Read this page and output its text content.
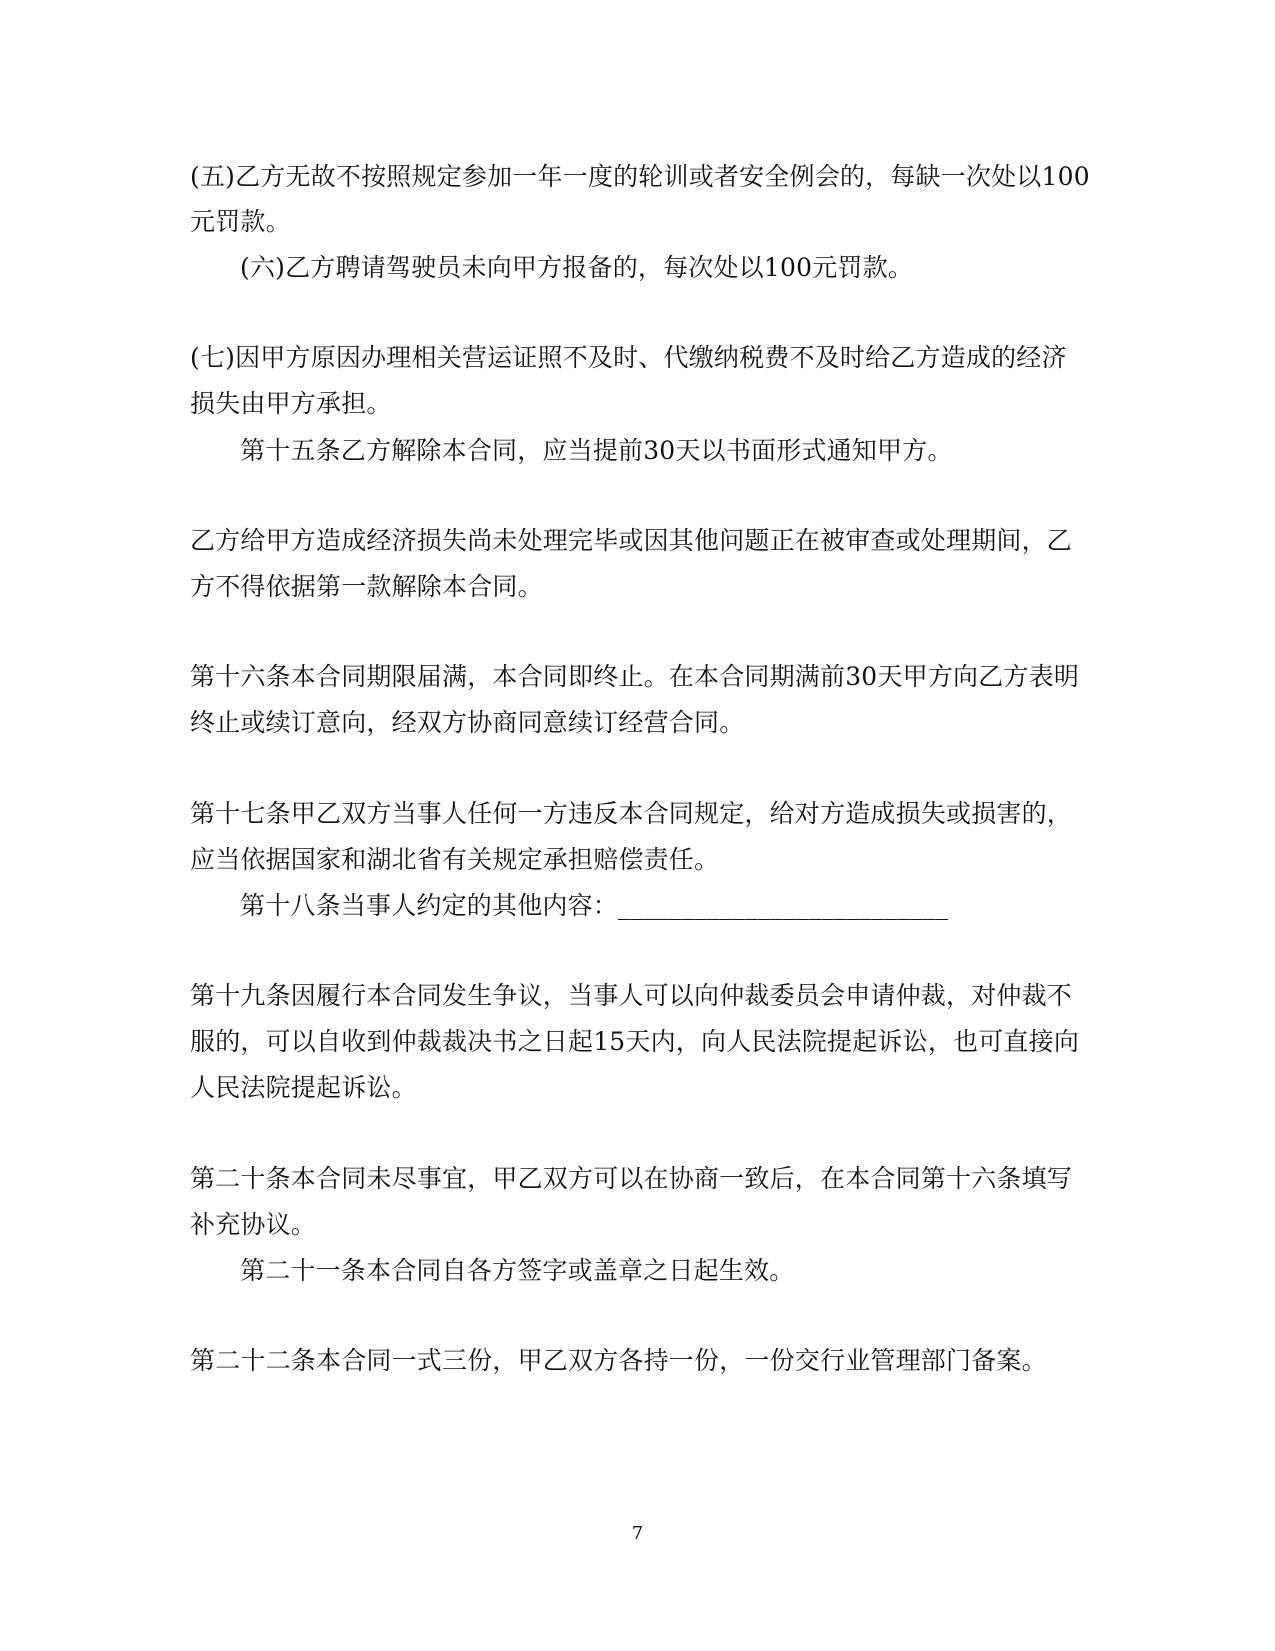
(五)乙方无故不按照规定参加一年一度的轮训或者安全例会的，每缺一次处以100
元罚款。
(六)乙方聘请驾驶员未向甲方报备的，每次处以100元罚款。
(七)因甲方原因办理相关营运证照不及时、代缴纳税费不及时给乙方造成的经济
损失由甲方承担。
第十五条乙方解除本合同，应当提前30天以书面形式通知甲方。
乙方给甲方造成经济损失尚未处理完毕或因其他问题正在被审查或处理期间，乙
方不得依据第一款解除本合同。
第十六条本合同期限届满，本合同即终止。在本合同期满前30天甲方向乙方表明
终止或续订意向，经双方协商同意续订经营合同。
第十七条甲乙双方当事人任何一方违反本合同规定，给对方造成损失或损害的，
应当依据国家和湖北省有关规定承担赔偿责任。
第十八条当事人约定的其他内容：__________________________
第十九条因履行本合同发生争议，当事人可以向仲裁委员会申请仲裁，对仲裁不
服的，可以自收到仲裁裁决书之日起15天内，向人民法院提起诉讼，也可直接向
人民法院提起诉讼。
第二十条本合同未尽事宜，甲乙双方可以在协商一致后，在本合同第十六条填写
补充协议。
第二十一条本合同自各方签字或盖章之日起生效。
第二十二条本合同一式三份，甲乙双方各持一份，一份交行业管理部门备案。
7
